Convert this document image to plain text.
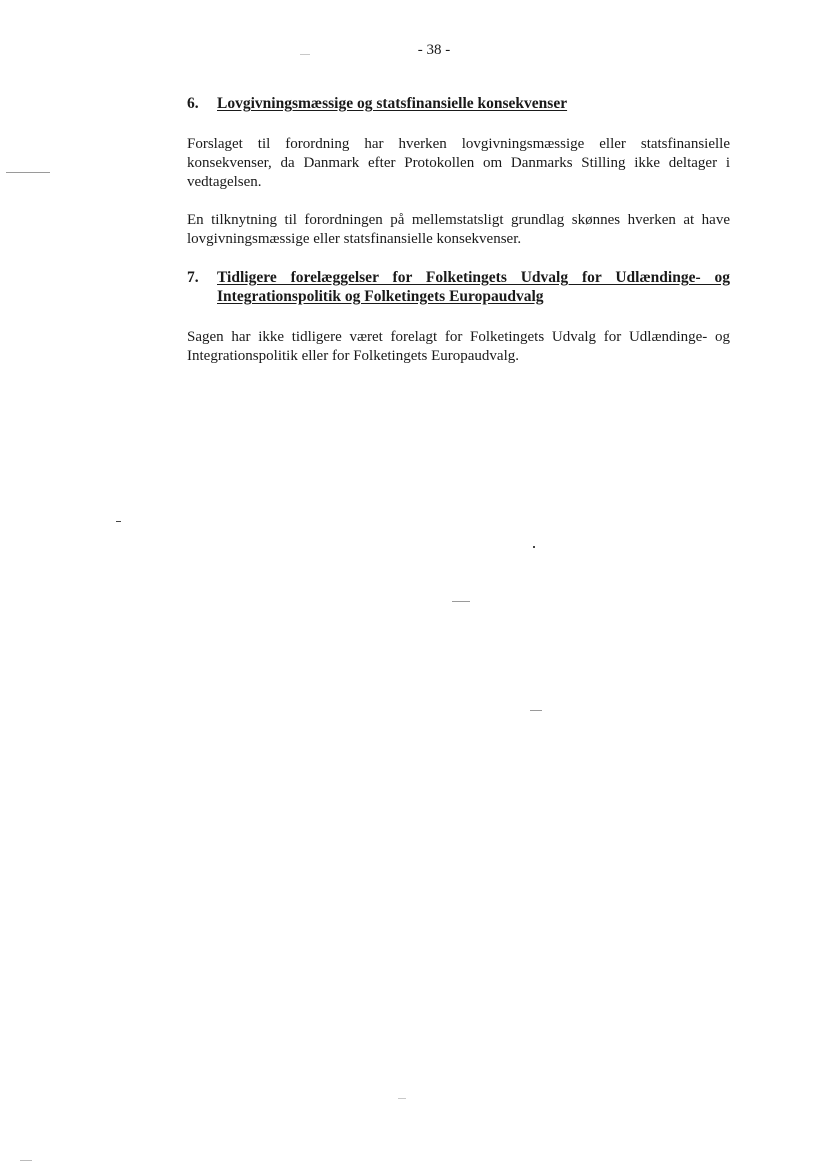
- 38 -
6.	Lovgivningsmæssige og statsfinansielle konsekvenser

Forslaget til forordning har hverken lovgivningsmæssige eller statsfinansielle konsekvenser, da Danmark efter Protokollen om Danmarks Stilling ikke deltager i vedtagelsen.

En tilknytning til forordningen på mellemstatsligt grundlag skønnes hverken at have lovgivningsmæssige eller statsfinansielle konsekvenser.

7.	Tidligere forelæggelser for Folketingets Udvalg for Udlændinge- og Integrationspolitik og Folketingets Europaudvalg

Sagen har ikke tidligere været forelagt for Folketingets Udvalg for Udlændinge- og Integrationspolitik eller for Folketingets Europaudvalg.
